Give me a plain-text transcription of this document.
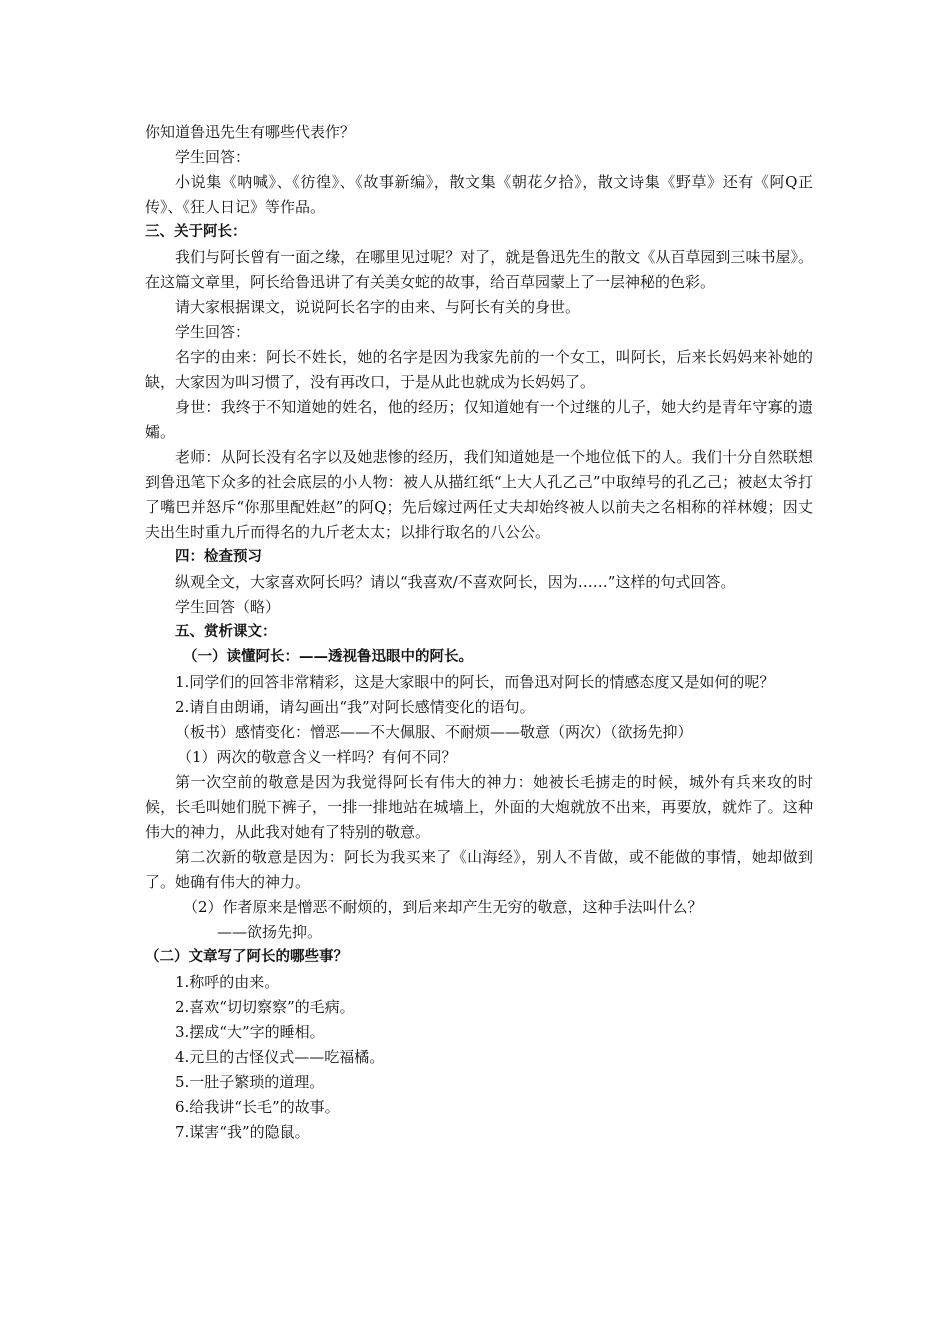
你知道鲁迅先生有哪些代表作？

学生回答：

小说集《呐喊》、《彷徨》、《故事新编》，散文集《朝花夕拾》，散文诗集《野草》还有《阿Q正传》、《狂人日记》等作品。

三、关于阿长：

我们与阿长曾有一面之缘，在哪里见过呢？对了，就是鲁迅先生的散文《从百草园到三味书屋》。在这篇文章里，阿长给鲁迅讲了有关美女蛇的故事，给百草园蒙上了一层神秘的色彩。

请大家根据课文，说说阿长名字的由来、与阿长有关的身世。

学生回答：

名字的由来：阿长不姓长，她的名字是因为我家先前的一个女工，叫阿长，后来长妈妈来补她的缺，大家因为叫习惯了，没有再改口，于是从此也就成为长妈妈了。

身世：我终于不知道她的姓名，他的经历；仅知道她有一个过继的儿子，她大约是青年守寡的遗孀。

老师：从阿长没有名字以及她悲惨的经历，我们知道她是一个地位低下的人。我们十分自然联想到鲁迅笔下众多的社会底层的小人物：被人从描红纸“上大人孔乙己”中取绰号的孔乙己；被赵太爷打了嘴巴并怒斥“你那里配姓赵”的阿Q；先后嫁过两任丈夫却始终被人以前夫之名相称的祥林嫂；因丈夫出生时重九斤而得名的九斤老太太；以排行取名的八公公。

四：检查预习

纵观全文，大家喜欢阿长吗？请以“我喜欢/不喜欢阿长，因为……”这样的句式回答。

学生回答（略）

五、赏析课文：

（一）读懂阿长：——透视鲁迅眼中的阿长。

1.同学们的回答非常精彩，这是大家眼中的阿长，而鲁迅对阿长的情感态度又是如何的呢？

2.请自由朗诵，请勾画出“我”对阿长感情变化的语句。

（板书）感情变化：憎恶——不大佩服、不耐烦——敬意（两次）（欲扬先抑）

（1）两次的敬意含义一样吗？有何不同？

第一次空前的敬意是因为我觉得阿长有伟大的神力：她被长毛掳走的时候，城外有兵来攻的时候，长毛叫她们脱下裤子，一排一排地站在城墙上，外面的大炮就放不出来，再要放，就炸了。这种伟大的神力，从此我对她有了特别的敬意。

第二次新的敬意是因为：阿长为我买来了《山海经》，别人不肯做，或不能做的事情，她却做到了。她确有伟大的神力。

（2）作者原来是憎恶不耐烦的，到后来却产生无穷的敬意，这种手法叫什么？

——欲扬先抑。

（二）文章写了阿长的哪些事？

1.称呼的由来。

2.喜欢“切切察察”的毛病。

3.摆成“大”字的睡相。

4.元旦的古怪仪式——吃福橘。

5.一肚子繁琐的道理。

6.给我讲“长毛”的故事。

7.谋害“我”的隐鼠。
